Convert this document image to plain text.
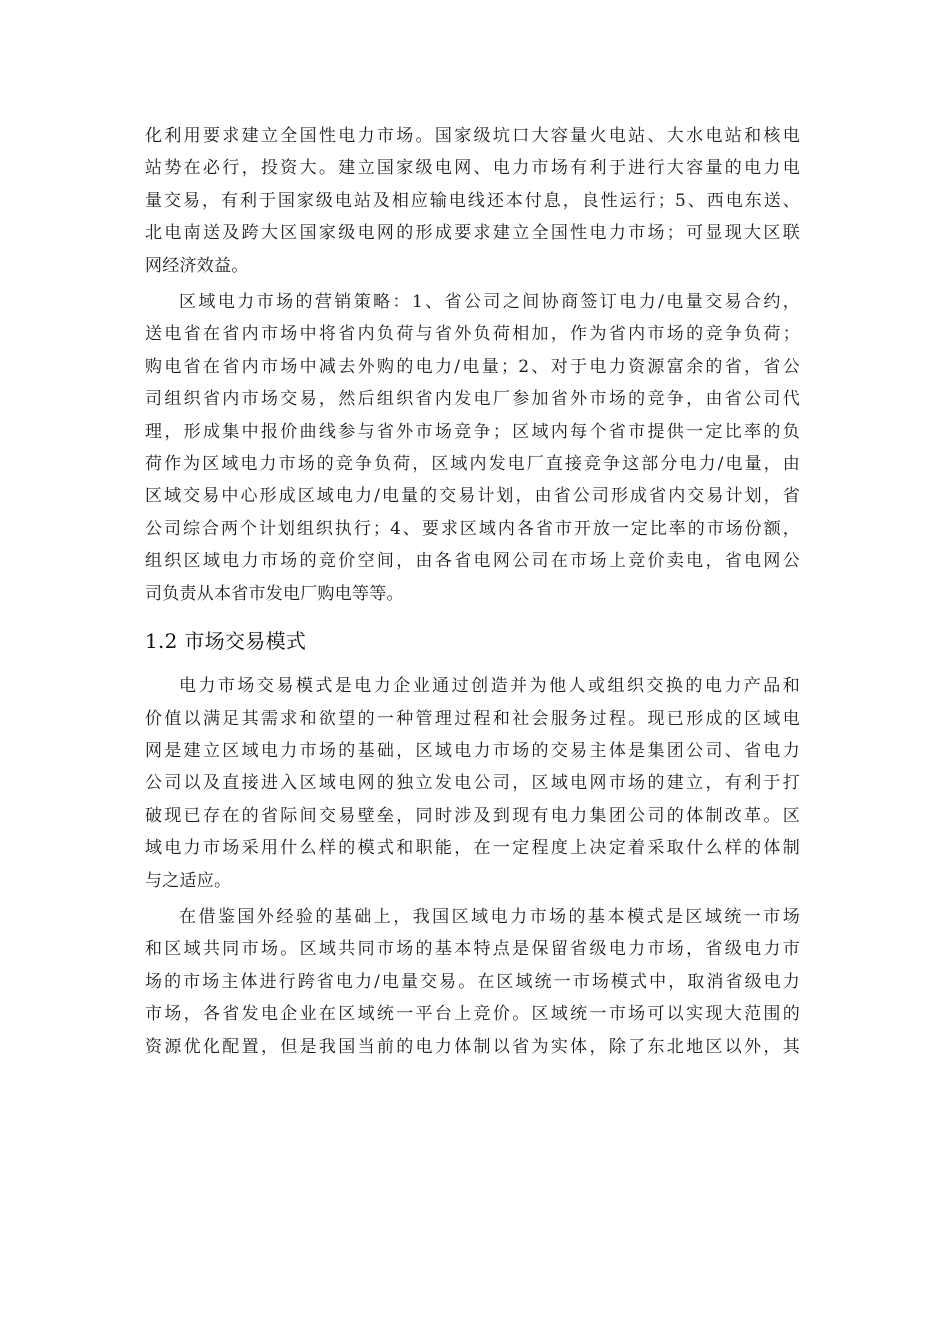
化利用要求建立全国性电力市场。国家级坑口大容量火电站、大水电站和核电
站势在必行，投资大。建立国家级电网、电力市场有利于进行大容量的电力电
量交易，有利于国家级电站及相应输电线还本付息，良性运行；5、西电东送、
北电南送及跨大区国家级电网的形成要求建立全国性电力市场；可显现大区联
网经济效益。
区域电力市场的营销策略：1、省公司之间协商签订电力/电量交易合约，
送电省在省内市场中将省内负荷与省外负荷相加，作为省内市场的竞争负荷；
购电省在省内市场中减去外购的电力/电量；2、对于电力资源富余的省，省公
司组织省内市场交易，然后组织省内发电厂参加省外市场的竞争，由省公司代
理，形成集中报价曲线参与省外市场竞争；区域内每个省市提供一定比率的负
荷作为区域电力市场的竞争负荷，区域内发电厂直接竞争这部分电力/电量，由
区域交易中心形成区域电力/电量的交易计划，由省公司形成省内交易计划，省
公司综合两个计划组织执行；4、要求区域内各省市开放一定比率的市场份额，
组织区域电力市场的竞价空间，由各省电网公司在市场上竞价卖电，省电网公
司负责从本省市发电厂购电等等。
1.2 市场交易模式
电力市场交易模式是电力企业通过创造并为他人或组织交换的电力产品和
价值以满足其需求和欲望的一种管理过程和社会服务过程。现已形成的区域电
网是建立区域电力市场的基础，区域电力市场的交易主体是集团公司、省电力
公司以及直接进入区域电网的独立发电公司，区域电网市场的建立，有利于打
破现已存在的省际间交易壁垒，同时涉及到现有电力集团公司的体制改革。区
域电力市场采用什么样的模式和职能，在一定程度上决定着采取什么样的体制
与之适应。
在借鉴国外经验的基础上，我国区域电力市场的基本模式是区域统一市场
和区域共同市场。区域共同市场的基本特点是保留省级电力市场，省级电力市
场的市场主体进行跨省电力/电量交易。在区域统一市场模式中，取消省级电力
市场，各省发电企业在区域统一平台上竞价。区域统一市场可以实现大范围的
资源优化配置，但是我国当前的电力体制以省为实体，除了东北地区以外，其
